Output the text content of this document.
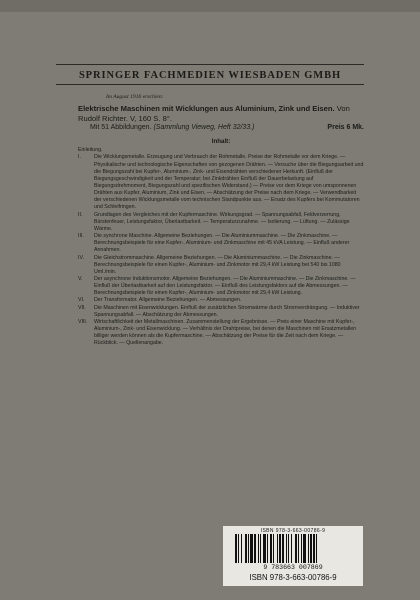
SPRINGER FACHMEDIEN WIESBADEN GMBH
Im August 1916 erschien:
Elektrische Maschinen mit Wicklungen aus Aluminium, Zink und Eisen. Von Rudolf Richter. V, 160 S. 8°.
Mit 51 Abbildungen. (Sammlung Vieweg, Heft 32/33.)	Preis 6 Mk.
Inhalt:
Einleitung.
I.	Die Wicklungsmetalle. Erzeugung und Verbrauch der Rohmetalle. Preise der Rohmetalle vor dem Kriege. — Physikalische und technologische Eigenschaften von gezogenen Drähten. — Versuche über die Biegungsarbeit und die Biegungszahl bei Kupfer-, Aluminium-, Zink- und Eisendrähten verschiedener Herkunft. (Einfluß der Biegungsgeschwindigkeit und der Temperatur; bei Zinkdrähten Einfluß der Dauerbelastung auf Biegungsdrehmoment, Biegungszahl und spezifischen Widerstand.) — Preise vor dem Kriege von umsponnenen Drähten aus Kupfer, Aluminium, Zink und Eisen. — Abschätzung der Preise nach dem Kriege. — Verwendbarkeit der verschiedenen Wicklungsmetalle vom technischen Standpunkte aus. — Ersatz des Kupfers bei Kommutatoren und Schleifringen.
II.	Grundlagen des Vergleiches mit der Kupfermaschine. Wirkungsgrad. — Spannungsabfall, Feldverzerrung, Bürstenfeuer, Leistungsfaktor, Überlastbarkeit. — Temperaturzunahme. — Isolierung. — Lüftung. — Zulässige Wärme.
III.	Die synchrone Maschine. Allgemeine Beziehungen. — Die Aluminiummaschine. — Die Zinkmaschine. — Berechnungsbeispiele für eine Kupfer-, Aluminium- und Zinkmaschine mit 45 kVA Leistung. — Einfluß anderer Annahmen.
IV.	Die Gleichstrommaschine. Allgemeine Beziehungen. — Die Aluminiummaschine. — Die Zinkmaschine. — Berechnungsbeispiele für einen Kupfer-, Aluminium- und Zinkmotor mit 29,4 kW Leistung bei 540 bis 1080 Uml./min.
V.	Der asynchrone Induktionsmotor. Allgemeine Beziehungen. — Die Aluminiummaschine. — Die Zinkmaschine. — Einfluß der Überlastbarkeit auf den Leistungsfaktor. — Einfluß des Leistungsfaktors auf die Abmessungen. — Berechnungsbeispiele für einen Kupfer-, Aluminium- und Zinkmotor mit 29,4 kW Leistung.
VI.	Der Transformator. Allgemeine Beziehungen. — Abmessungen.
VII.	Die Maschinen mit Eisenwicklungen. Einfluß der zusätzlichen Stromwärme durch Stromverdrängung. — Induktiver Spannungsabfall. — Abschätzung der Abmessungen.
VIII.	Wirtschaftlichkeit der Metallmaschinen. Zusammenstellung der Ergebnisse. — Preis einer Maschine mit Kupfer-, Aluminium-, Zink- und Eisenwicklung. — Verhältnis der Drahtpreise, bei denen die Maschinen mit Ersatzmetallen billiger werden können als die Kupfermaschine. — Abschätzung der Preise für die Zeit nach dem Kriege. — Rückblick. — Quellenangabe.
ISBN 978-3-663-00786-9
9 783663 007869
ISBN 978-3-663-00786-9
